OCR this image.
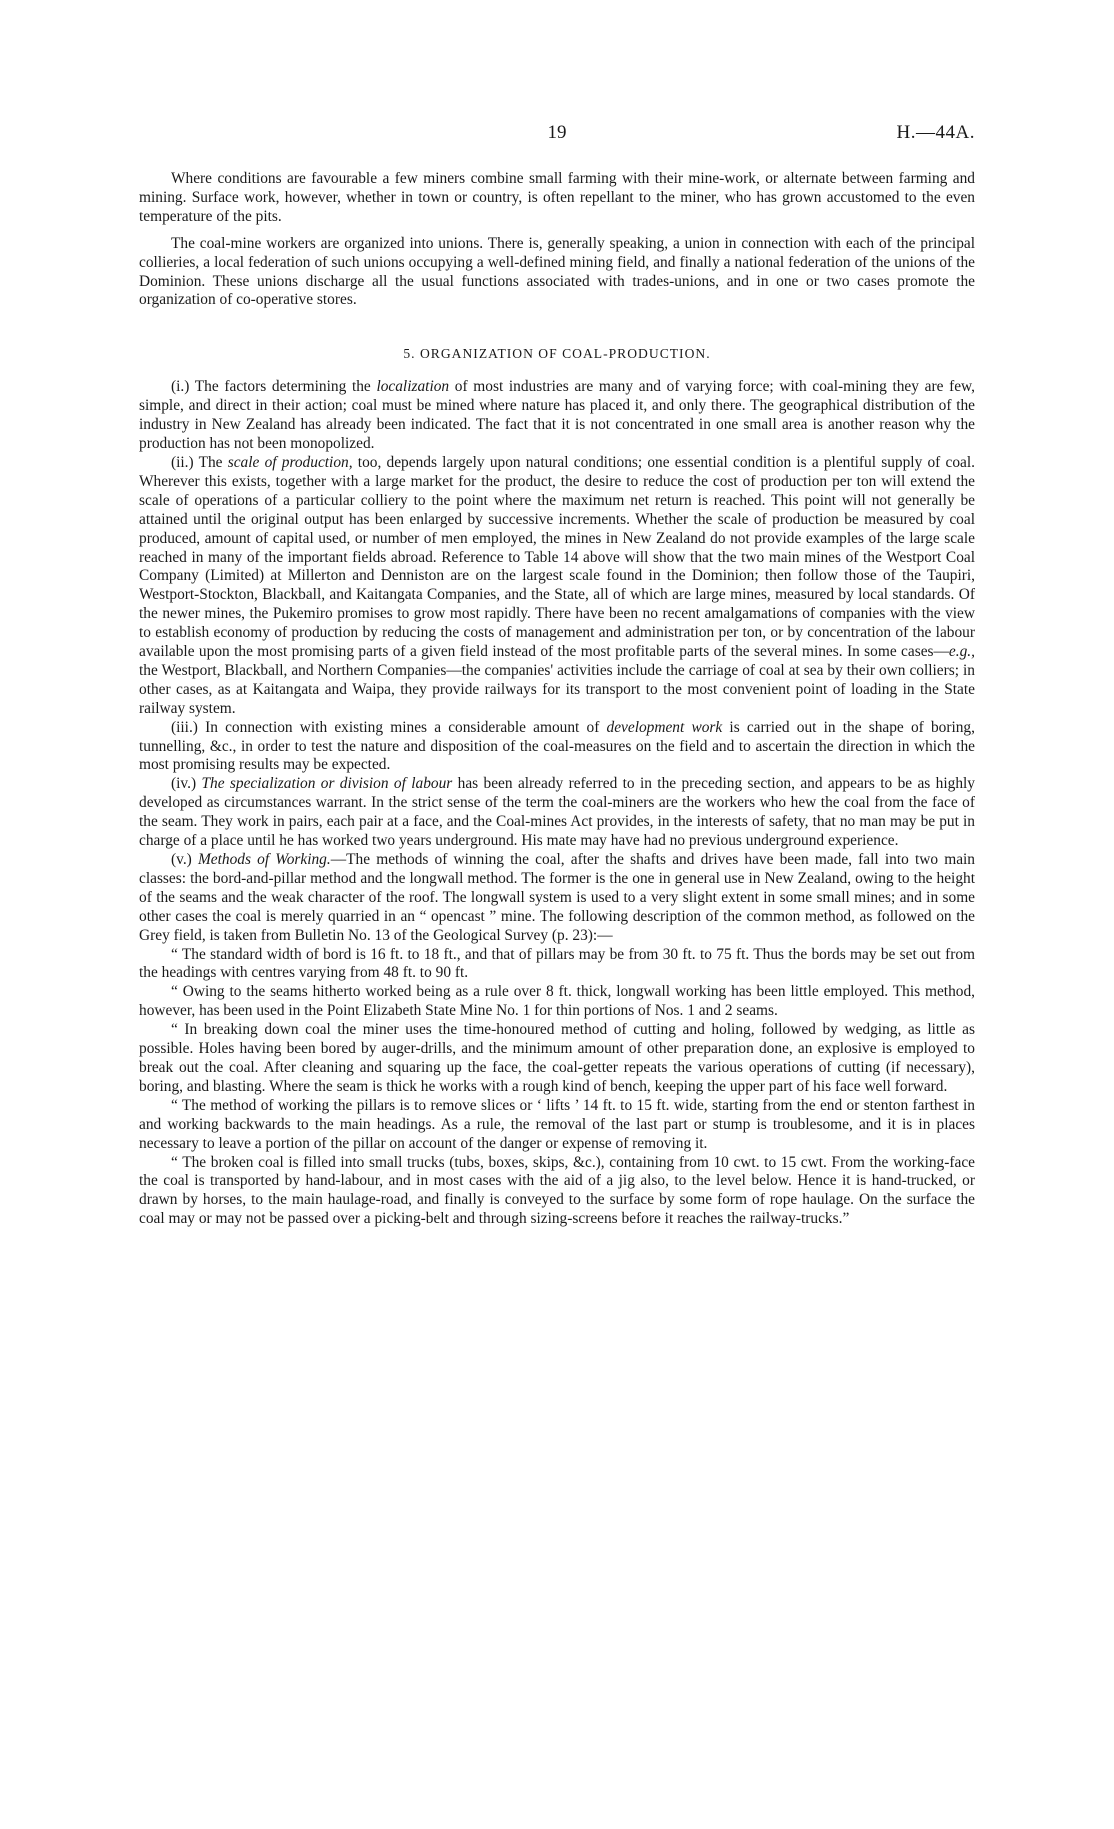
19	H.—44A.

Where conditions are favourable a few miners combine small farming with their mine-work, or alternate between farming and mining. Surface work, however, whether in town or country, is often repellant to the miner, who has grown accustomed to the even temperature of the pits.

The coal-mine workers are organized into unions. There is, generally speaking, a union in connection with each of the principal collieries, a local federation of such unions occupying a well-defined mining field, and finally a national federation of the unions of the Dominion. These unions discharge all the usual functions associated with trades-unions, and in one or two cases promote the organization of co-operative stores.

5. ORGANIZATION OF COAL-PRODUCTION.

(i.) The factors determining the localization of most industries are many and of varying force; with coal-mining they are few, simple, and direct in their action; coal must be mined where nature has placed it, and only there. The geographical distribution of the industry in New Zealand has already been indicated. The fact that it is not concentrated in one small area is another reason why the production has not been monopolized.

(ii.) The scale of production, too, depends largely upon natural conditions; one essential condition is a plentiful supply of coal. Wherever this exists, together with a large market for the product, the desire to reduce the cost of production per ton will extend the scale of operations of a particular colliery to the point where the maximum net return is reached. This point will not generally be attained until the original output has been enlarged by successive increments. Whether the scale of production be measured by coal produced, amount of capital used, or number of men employed, the mines in New Zealand do not provide examples of the large scale reached in many of the important fields abroad. Reference to Table 14 above will show that the two main mines of the Westport Coal Company (Limited) at Millerton and Denniston are on the largest scale found in the Dominion; then follow those of the Taupiri, Westport-Stockton, Blackball, and Kaitangata Companies, and the State, all of which are large mines, measured by local standards. Of the newer mines, the Pukemiro promises to grow most rapidly. There have been no recent amalgamations of companies with the view to establish economy of production by reducing the costs of management and administration per ton, or by concentration of the labour available upon the most promising parts of a given field instead of the most profitable parts of the several mines. In some cases—e.g., the Westport, Blackball, and Northern Companies—the companies' activities include the carriage of coal at sea by their own colliers; in other cases, as at Kaitangata and Waipa, they provide railways for its transport to the most convenient point of loading in the State railway system.

(iii.) In connection with existing mines a considerable amount of development work is carried out in the shape of boring, tunnelling, &c., in order to test the nature and disposition of the coal-measures on the field and to ascertain the direction in which the most promising results may be expected.

(iv.) The specialization or division of labour has been already referred to in the preceding section, and appears to be as highly developed as circumstances warrant. In the strict sense of the term the coal-miners are the workers who hew the coal from the face of the seam. They work in pairs, each pair at a face, and the Coal-mines Act provides, in the interests of safety, that no man may be put in charge of a place until he has worked two years underground. His mate may have had no previous underground experience.

(v.) Methods of Working.—The methods of winning the coal, after the shafts and drives have been made, fall into two main classes: the bord-and-pillar method and the longwall method. The former is the one in general use in New Zealand, owing to the height of the seams and the weak character of the roof. The longwall system is used to a very slight extent in some small mines; and in some other cases the coal is merely quarried in an “ opencast ” mine. The following description of the common method, as followed on the Grey field, is taken from Bulletin No. 13 of the Geological Survey (p. 23):—

“ The standard width of bord is 16 ft. to 18 ft., and that of pillars may be from 30 ft. to 75 ft. Thus the bords may be set out from the headings with centres varying from 48 ft. to 90 ft.

“ Owing to the seams hitherto worked being as a rule over 8 ft. thick, longwall working has been little employed. This method, however, has been used in the Point Elizabeth State Mine No. 1 for thin portions of Nos. 1 and 2 seams.

“ In breaking down coal the miner uses the time-honoured method of cutting and holing, followed by wedging, as little as possible. Holes having been bored by auger-drills, and the minimum amount of other preparation done, an explosive is employed to break out the coal. After cleaning and squaring up the face, the coal-getter repeats the various operations of cutting (if necessary), boring, and blasting. Where the seam is thick he works with a rough kind of bench, keeping the upper part of his face well forward.

“ The method of working the pillars is to remove slices or ‘ lifts ’ 14 ft. to 15 ft. wide, starting from the end or stenton farthest in and working backwards to the main headings. As a rule, the removal of the last part or stump is troublesome, and it is in places necessary to leave a portion of the pillar on account of the danger or expense of removing it.

“ The broken coal is filled into small trucks (tubs, boxes, skips, &c.), containing from 10 cwt. to 15 cwt. From the working-face the coal is transported by hand-labour, and in most cases with the aid of a jig also, to the level below. Hence it is hand-trucked, or drawn by horses, to the main haulage-road, and finally is conveyed to the surface by some form of rope haulage. On the surface the coal may or may not be passed over a picking-belt and through sizing-screens before it reaches the railway-trucks.”
